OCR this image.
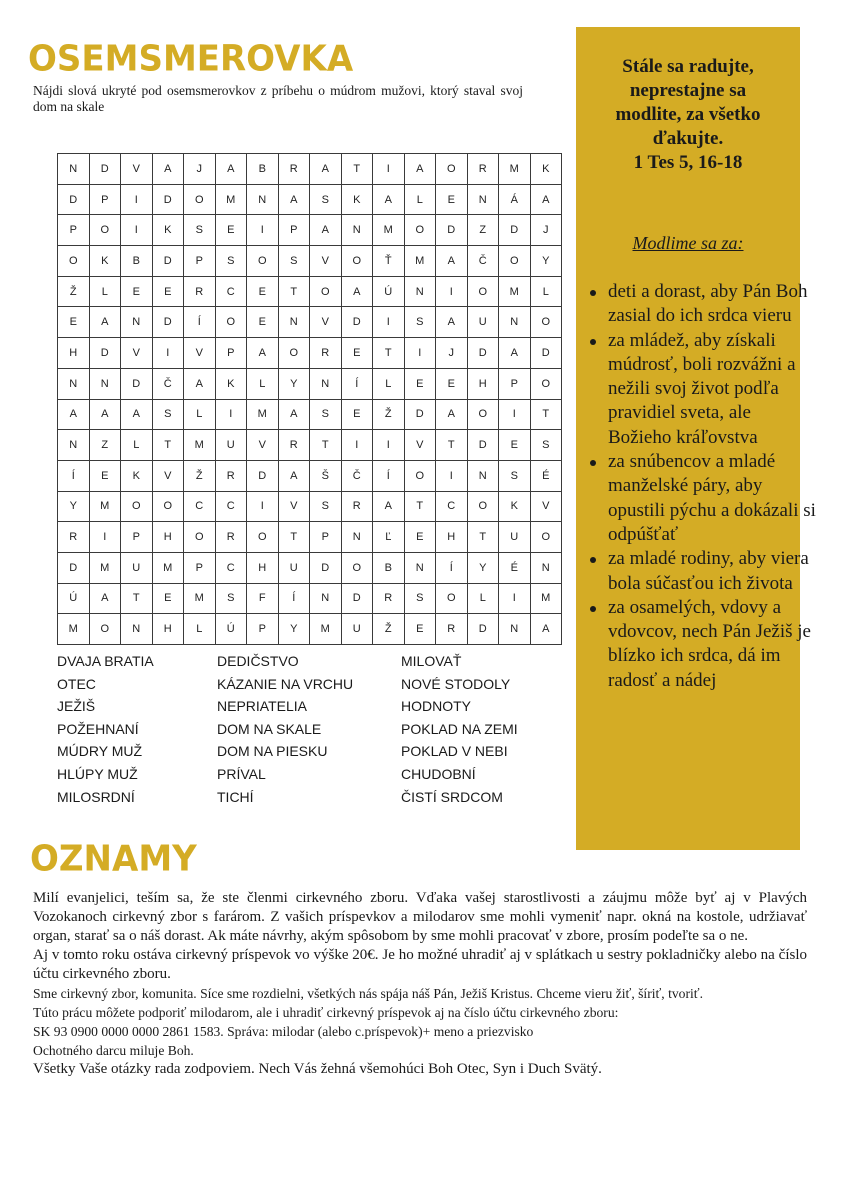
OSEMSMEROVKA
Nájdi slová ukryté pod osemsmerovkov z príbehu o múdrom mužovi, ktorý staval svoj dom na skale
N	D	V	A	J	A	B	R	A	T	I	A	O	R	M	K
D	P	I	D	O	M	N	A	S	K	A	L	E	N	Á	A
P	O	I	K	S	E	I	P	A	N	M	O	D	Z	D	J
O	K	B	D	P	S	O	S	V	O	Ť	M	A	Č	O	Y
Ž	L	E	E	R	C	E	T	O	A	Ú	N	I	O	M	L
E	A	N	D	Í	O	E	N	V	D	I	S	A	U	N	O
H	D	V	I	V	P	A	O	R	E	T	I	J	D	A	D
N	N	D	Č	A	K	L	Y	N	Í	L	E	E	H	P	O
A	A	A	S	L	I	M	A	S	E	Ž	D	A	O	I	T
N	Z	L	T	M	U	V	R	T	I	I	V	T	D	E	S
Í	E	K	V	Ž	R	D	A	Š	Č	Í	O	I	N	S	É
Y	M	O	O	C	C	I	V	S	R	A	T	C	O	K	V
R	I	P	H	O	R	O	T	P	N	Ľ	E	H	T	U	O
D	M	U	M	P	C	H	U	D	O	B	N	Í	Y	É	N
Ú	A	T	E	M	S	F	Í	N	D	R	S	O	L	I	M
M	O	N	H	L	Ú	P	Y	M	U	Ž	E	R	D	N	A
DVAJA BRATIA
OTEC
JEŽIŠ
POŽEHNANÍ
MÚDRY MUŽ
HLÚPY MUŽ
MILOSRDNÍ
DEDIČSTVO
KÁZANIE NA VRCHU
NEPRIATELIA
DOM NA SKALE
DOM NA PIESKU
PRÍVAL
TICHÍ
MILOVAŤ
NOVÉ STODOLY
HODNOTY
POKLAD NA ZEMI
POKLAD V NEBI
CHUDOBNÍ
ČISTÍ SRDCOM
Stále sa radujte,
neprestajne sa
modlite, za všetko
ďakujte.
1 Tes 5, 16-18
Modlime sa za:
deti a dorast, aby Pán Boh zasial do ich srdca vieru
za mládež, aby získali múdrosť, boli rozvážni a nežili svoj život podľa pravidiel sveta, ale Božieho kráľovstva
za snúbencov a mladé manželské páry, aby opustili pýchu a dokázali si odpúšťať
za mladé rodiny, aby viera bola súčasťou ich života
za osamelých, vdovy a vdovcov, nech Pán Ježiš je blízko ich srdca, dá im radosť a nádej
OZNAMY

Milí evanjelici, teším sa, že ste členmi cirkevného zboru. Vďaka vašej starostlivosti a záujmu môže byť aj v Plavých Vozokanoch cirkevný zbor s farárom. Z vašich príspevkov a milodarov sme mohli vymeniť napr. okná na kostole, udržiavať organ, starať sa o náš dorast. Ak máte návrhy, akým spôsobom by sme mohli pracovať v zbore, prosím podeľte sa o ne.

Aj v tomto roku ostáva cirkevný príspevok vo výške 20€. Je ho možné uhradiť aj v splátkach u sestry pokladničky alebo na číslo účtu cirkevného zboru.

Sme cirkevný zbor, komunita. Síce sme rozdielni, všetkých nás spája náš Pán, Ježiš Kristus. Chceme vieru žiť, šíriť, tvoriť.

Túto prácu môžete podporiť milodarom, ale i uhradiť cirkevný príspevok aj na číslo účtu cirkevného zboru:

SK 93 0900 0000 0000 2861 1583. Správa: milodar (alebo c.príspevok)+ meno a priezvisko

Ochotného darcu miluje Boh.

Všetky Vaše otázky rada zodpoviem. Nech Vás žehná všemohúci Boh Otec, Syn i Duch Svätý.
